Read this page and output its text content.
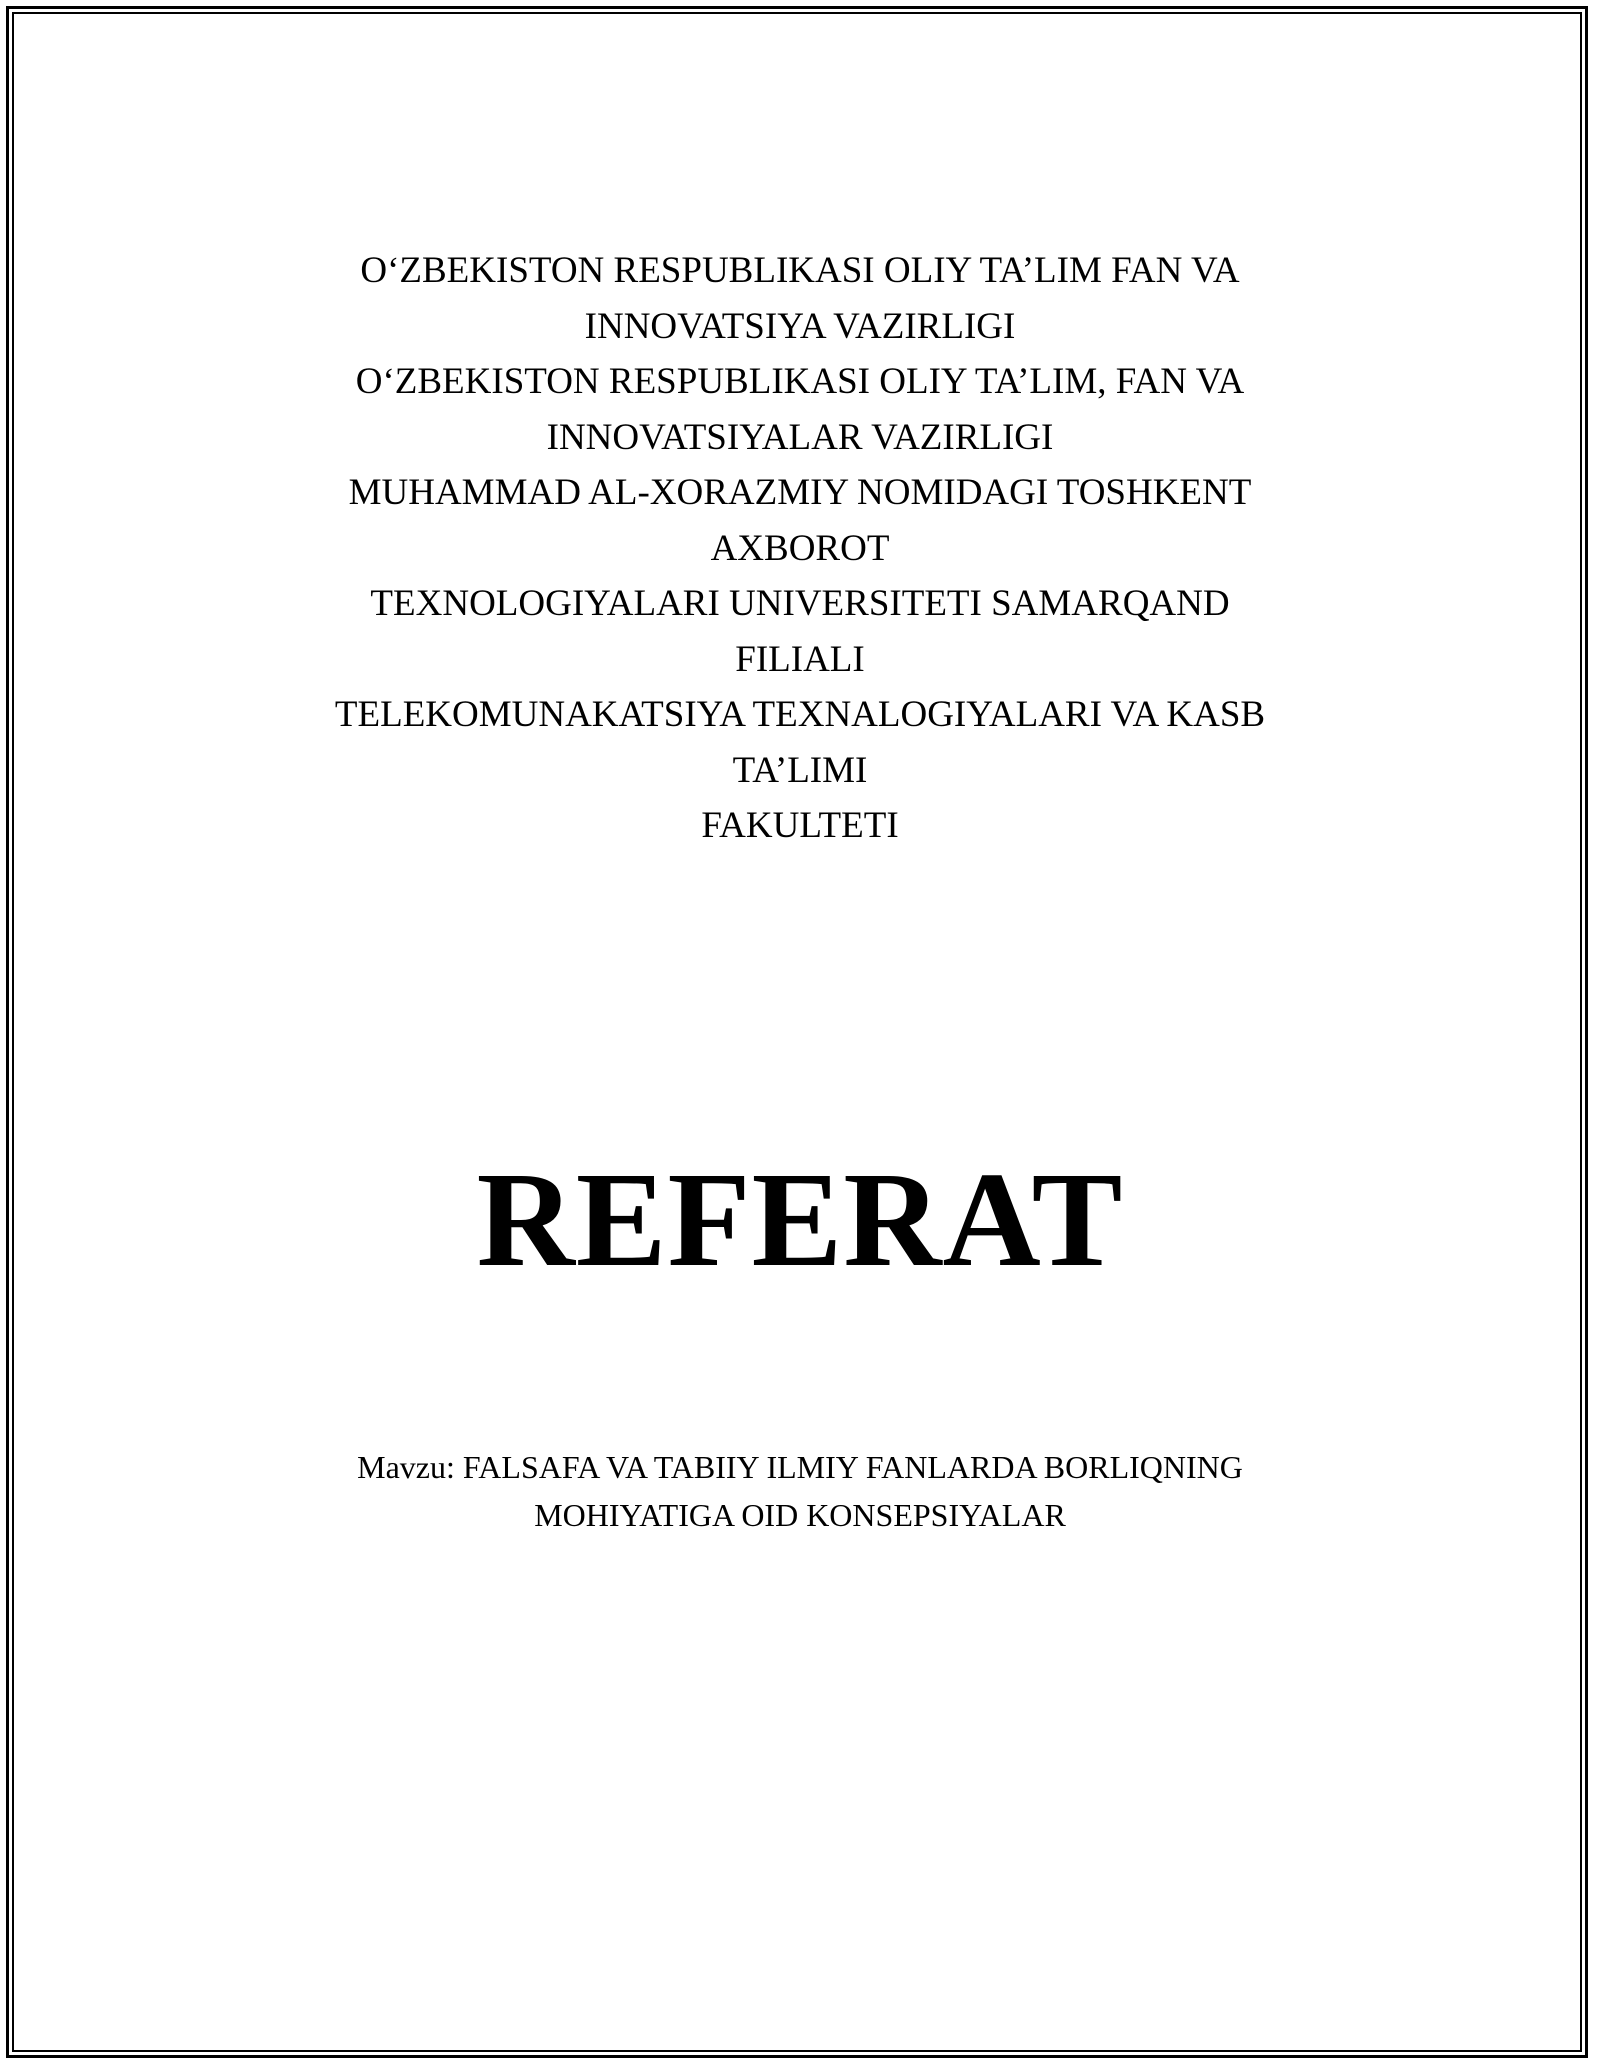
O‘ZBEKISTON RESPUBLIKASI OLIY TA’LIM FAN VA
INNOVATSIYA VAZIRLIGI
O‘ZBEKISTON RESPUBLIKASI OLIY TA’LIM, FAN VA
INNOVATSIYALAR VAZIRLIGI
MUHAMMAD AL-XORAZMIY NOMIDAGI TOSHKENT
AXBOROT
TEXNOLOGIYALARI UNIVERSITETI SAMARQAND
FILIALI
TELEKOMUNAKATSIYA TEXNALOGIYALARI VA KASB
TA’LIMI
FAKULTETI
REFERAT
Mavzu: FALSAFA VA TABIIY ILMIY FANLARDA BORLIQNING
MOHIYATIGA OID KONSEPSIYALAR
